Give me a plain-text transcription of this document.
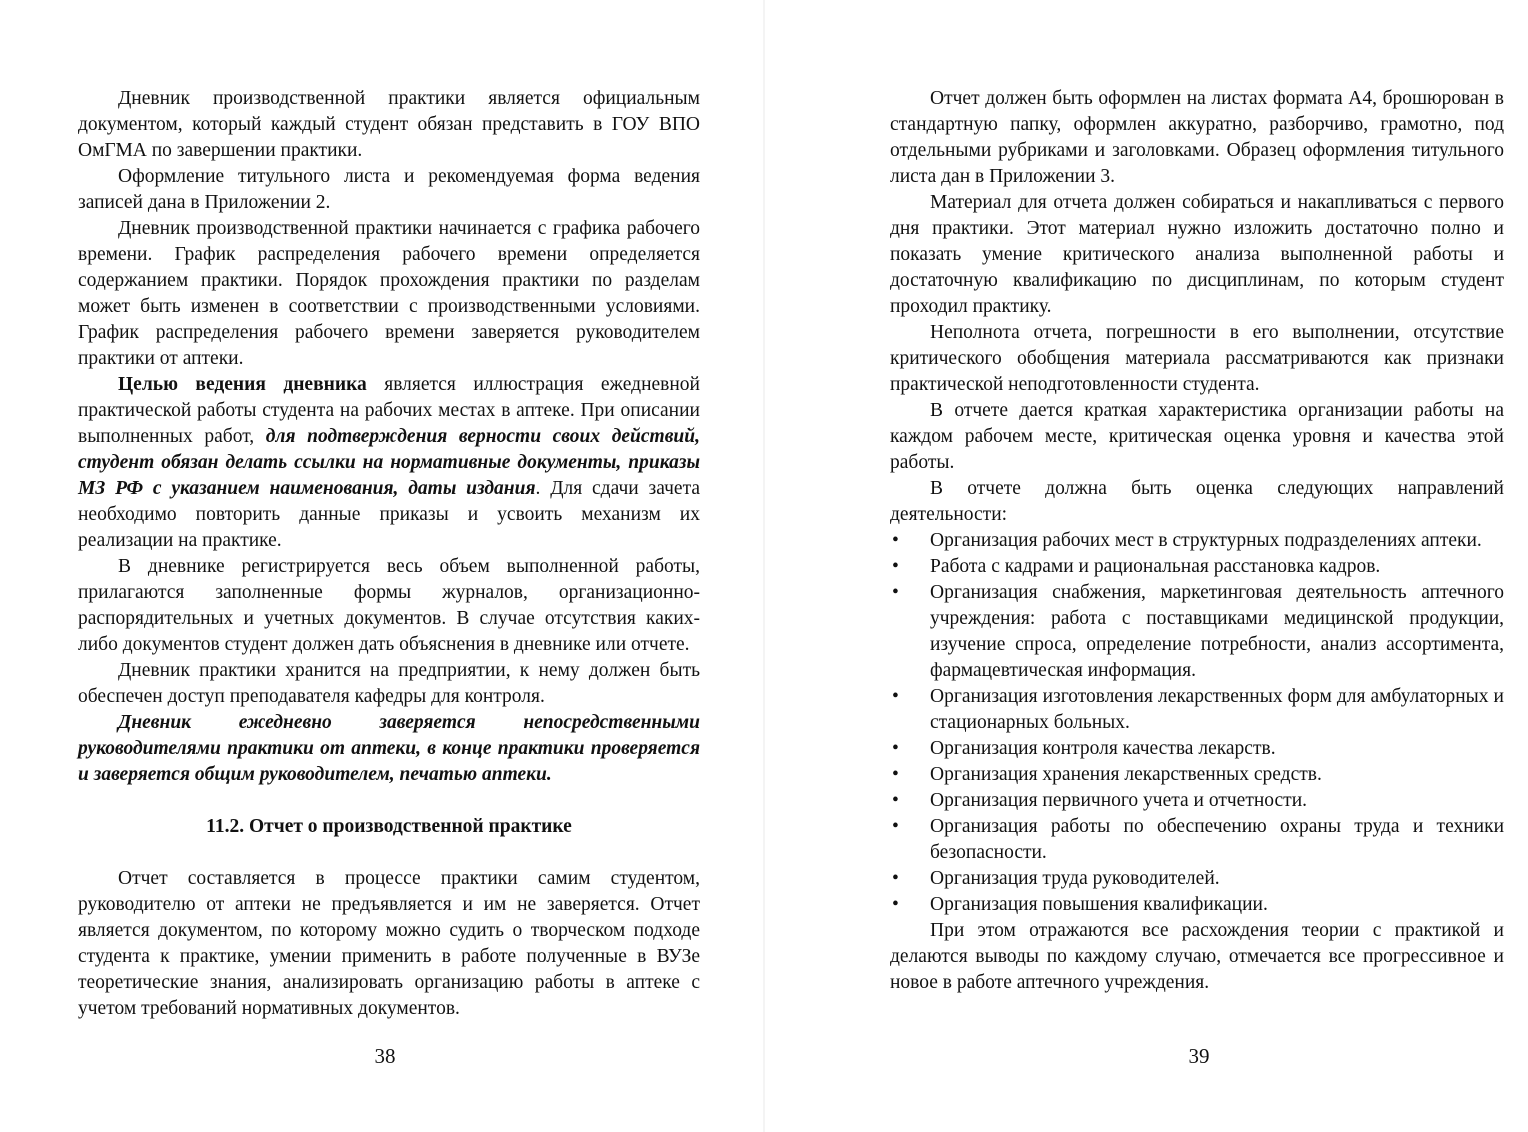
Дневник производственной практики является официальным документом, который каждый студент обязан представить в ГОУ ВПО ОмГМА по завершении практики.

Оформление титульного листа и рекомендуемая форма ведения записей дана в Приложении 2.

Дневник производственной практики начинается с графика рабочего времени. График распределения рабочего времени определяется содержанием практики. Порядок прохождения практики по разделам может быть изменен в соответствии с производственными условиями. График распределения рабочего времени заверяется руководителем практики от аптеки.

Целью ведения дневника является иллюстрация ежедневной практической работы студента на рабочих местах в аптеке. При описании выполненных работ, для подтверждения верности своих действий, студент обязан делать ссылки на нормативные документы, приказы МЗ РФ с указанием наименования, даты издания. Для сдачи зачета необходимо повторить данные приказы и усвоить механизм их реализации на практике.

В дневнике регистрируется весь объем выполненной работы, прилагаются заполненные формы журналов, организационно-распорядительных и учетных документов. В случае отсутствия каких-либо документов студент должен дать объяснения в дневнике или отчете.

Дневник практики хранится на предприятии, к нему должен быть обеспечен доступ преподавателя кафедры для контроля.

Дневник ежедневно заверяется непосредственными руководителями практики от аптеки, в конце практики проверяется и заверяется общим руководителем, печатью аптеки.

11.2. Отчет о производственной практике

Отчет составляется в процессе практики самим студентом, руководителю от аптеки не предъявляется и им не заверяется. Отчет является документом, по которому можно судить о творческом подходе студента к практике, умении применить в работе полученные в ВУЗе теоретические знания, анализировать организацию работы в аптеке с учетом требований нормативных документов.

38

Отчет должен быть оформлен на листах формата А4, брошюрован в стандартную папку, оформлен аккуратно, разборчиво, грамотно, под отдельными рубриками и заголовками. Образец оформления титульного листа дан в Приложении 3.

Материал для отчета должен собираться и накапливаться с первого дня практики. Этот материал нужно изложить достаточно полно и показать умение критического анализа выполненной работы и достаточную квалификацию по дисциплинам, по которым студент проходил практику.

Неполнота отчета, погрешности в его выполнении, отсутствие критического обобщения материала рассматриваются как признаки практической неподготовленности студента.

В отчете дается краткая характеристика организации работы на каждом рабочем месте, критическая оценка уровня и качества этой работы.

В отчете должна быть оценка следующих направлений деятельности:

• Организация рабочих мест в структурных подразделениях аптеки.
• Работа с кадрами и рациональная расстановка кадров.
• Организация снабжения, маркетинговая деятельность аптечного учреждения: работа с поставщиками медицинской продукции, изучение спроса, определение потребности, анализ ассортимента, фармацевтическая информация.
• Организация изготовления лекарственных форм для амбулаторных и стационарных больных.
• Организация контроля качества лекарств.
• Организация хранения лекарственных средств.
• Организация первичного учета и отчетности.
• Организация работы по обеспечению охраны труда и техники безопасности.
• Организация труда руководителей.
• Организация повышения квалификации.

При этом отражаются все расхождения теории с практикой и делаются выводы по каждому случаю, отмечается все прогрессивное и новое в работе аптечного учреждения.

39
